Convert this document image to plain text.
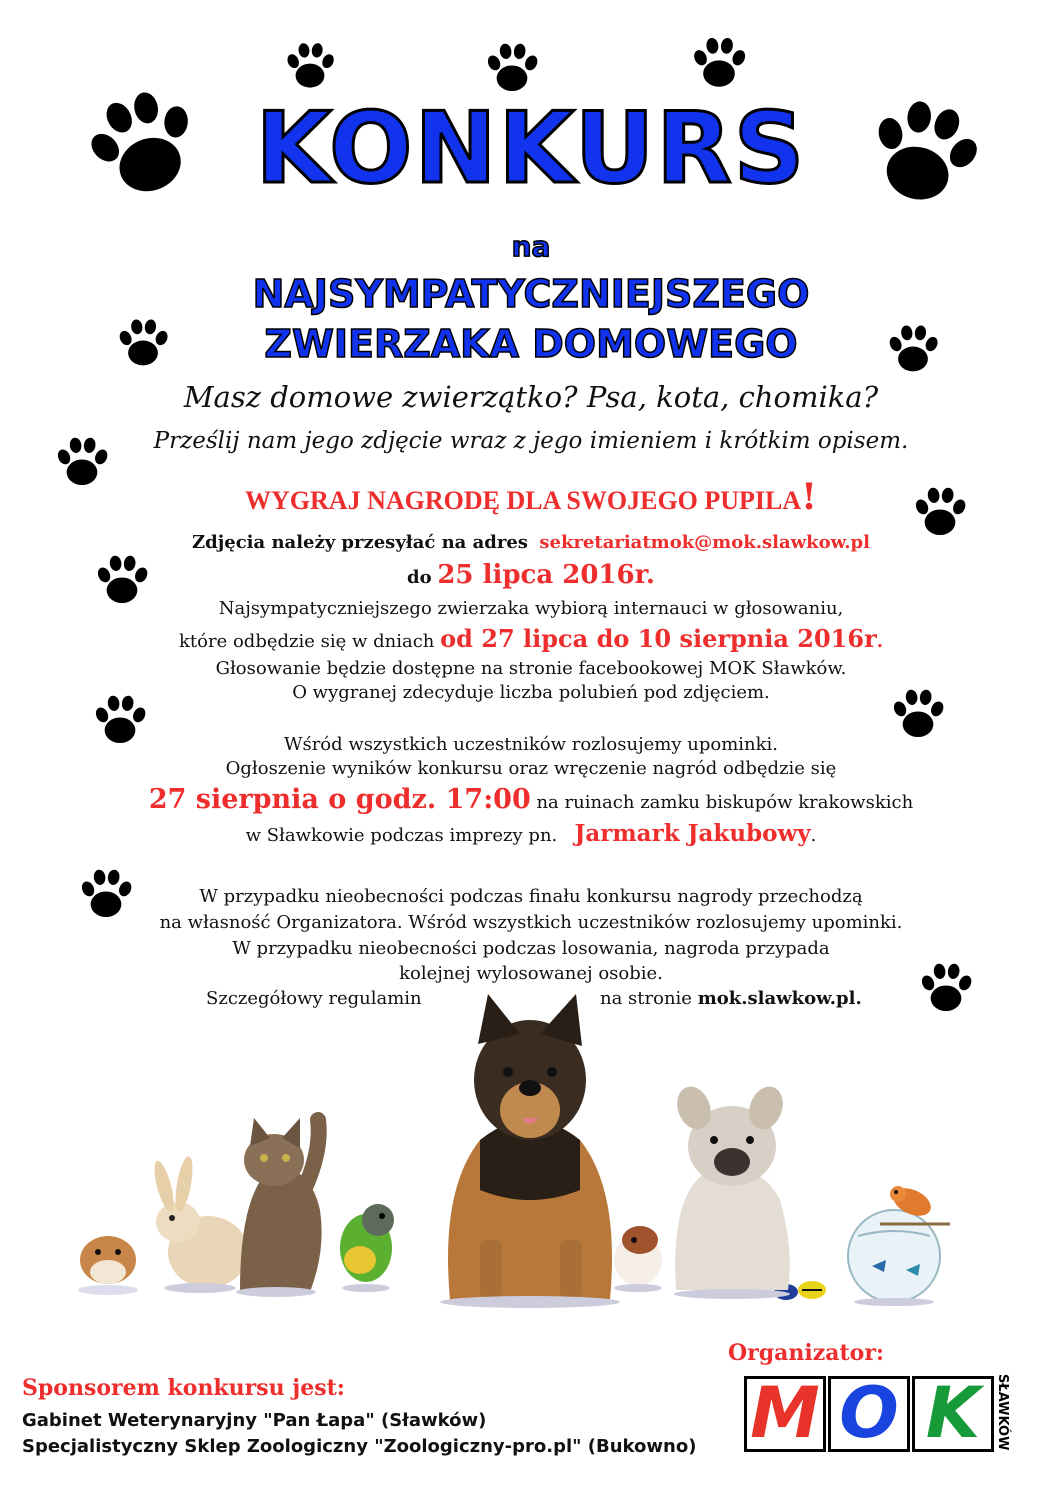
KONKURS
na
NAJSYMPATYCZNIEJSZEGO
ZWIERZAKA DOMOWEGO
Masz domowe zwierzątko? Psa, kota, chomika?
Prześlij nam jego zdjęcie wraz z jego imieniem i krótkim opisem.
WYGRAJ NAGRODĘ DLA SWOJEGO PUPILA!
Zdjęcia należy przesyłać na adres sekretariatmok@mok.slawkow.pl
do 25 lipca 2016r.
Najsympatyczniejszego zwierzaka wybiorą internauci w głosowaniu,
które odbędzie się w dniach od 27 lipca do 10 sierpnia 2016r.
Głosowanie będzie dostępne na stronie facebookowej MOK Sławków.
O wygranej zdecyduje liczba polubień pod zdjęciem.
Wśród wszystkich uczestników rozlosujemy upominki.
Ogłoszenie wyników konkursu oraz wręczenie nagród odbędzie się
27 sierpnia o godz. 17:00 na ruinach zamku biskupów krakowskich
w Sławkowie podczas imprezy pn. Jarmark Jakubowy.
W przypadku nieobecności podczas finału konkursu nagrody przechodzą
na własność Organizatora. Wśród wszystkich uczestników rozlosujemy upominki.
W przypadku nieobecności podczas losowania, nagroda przypada
kolejnej wylosowanej osobie.
Szczegółowy regulamin	na stronie mok.slawkow.pl.
Sponsorem konkursu jest:
Gabinet Weterynaryjny "Pan Łapa" (Sławków)
Specjalistyczny Sklep Zoologiczny "Zoologiczny-pro.pl" (Bukowno)
Organizator:
M O K	SŁAWKÓW
